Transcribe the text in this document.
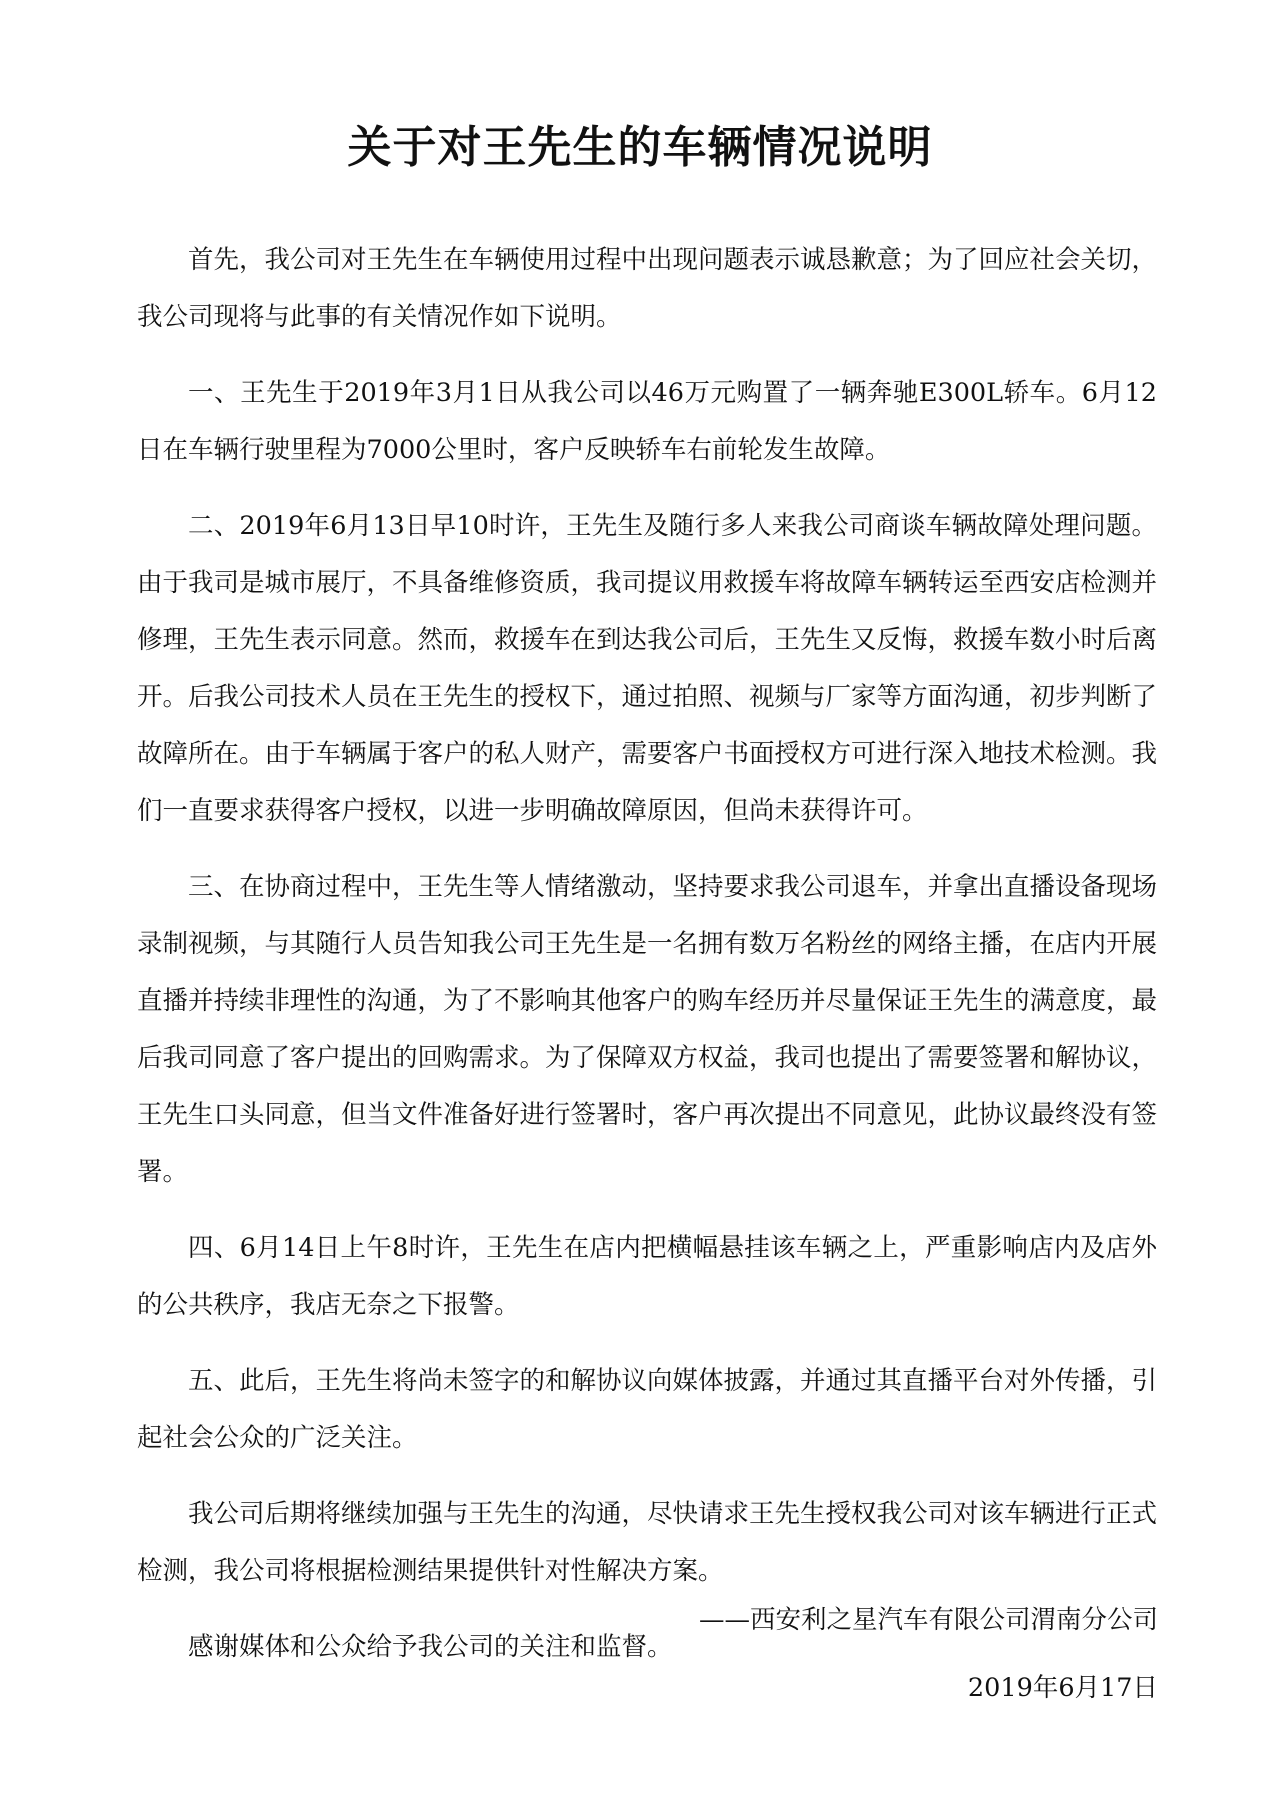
关于对王先生的车辆情况说明

首先，我公司对王先生在车辆使用过程中出现问题表示诚恳歉意；为了回应社会关切，我公司现将与此事的有关情况作如下说明。

一、王先生于2019年3月1日从我公司以46万元购置了一辆奔驰E300L轿车。6月12日在车辆行驶里程为7000公里时，客户反映轿车右前轮发生故障。

二、2019年6月13日早10时许，王先生及随行多人来我公司商谈车辆故障处理问题。由于我司是城市展厅，不具备维修资质，我司提议用救援车将故障车辆转运至西安店检测并修理，王先生表示同意。然而，救援车在到达我公司后，王先生又反悔，救援车数小时后离开。后我公司技术人员在王先生的授权下，通过拍照、视频与厂家等方面沟通，初步判断了故障所在。由于车辆属于客户的私人财产，需要客户书面授权方可进行深入地技术检测。我们一直要求获得客户授权，以进一步明确故障原因，但尚未获得许可。

三、在协商过程中，王先生等人情绪激动，坚持要求我公司退车，并拿出直播设备现场录制视频，与其随行人员告知我公司王先生是一名拥有数万名粉丝的网络主播，在店内开展直播并持续非理性的沟通，为了不影响其他客户的购车经历并尽量保证王先生的满意度，最后我司同意了客户提出的回购需求。为了保障双方权益，我司也提出了需要签署和解协议，王先生口头同意，但当文件准备好进行签署时，客户再次提出不同意见，此协议最终没有签署。

四、6月14日上午8时许，王先生在店内把横幅悬挂该车辆之上，严重影响店内及店外的公共秩序，我店无奈之下报警。

五、此后，王先生将尚未签字的和解协议向媒体披露，并通过其直播平台对外传播，引起社会公众的广泛关注。

我公司后期将继续加强与王先生的沟通，尽快请求王先生授权我公司对该车辆进行正式检测，我公司将根据检测结果提供针对性解决方案。

感谢媒体和公众给予我公司的关注和监督。

——西安利之星汽车有限公司渭南分公司
2019年6月17日
